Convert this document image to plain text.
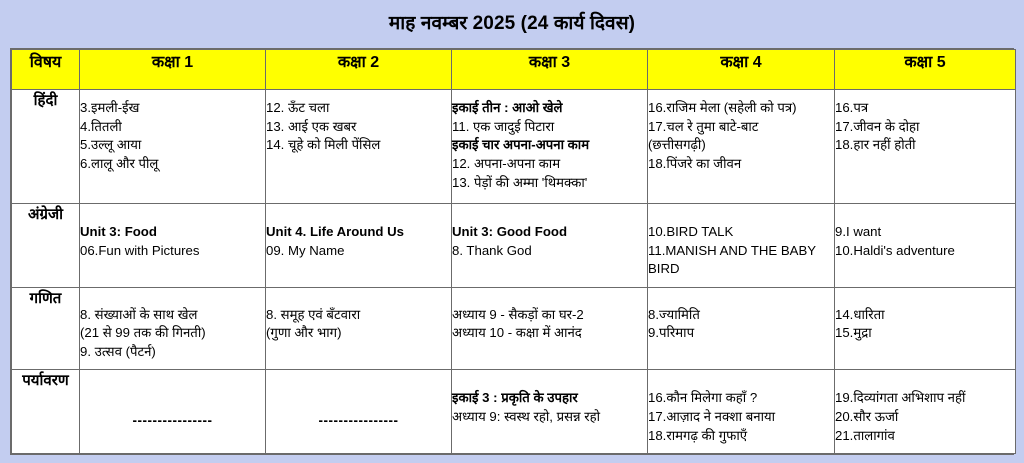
माह नवम्बर 2025 (24 कार्य दिवस)
विषय	कक्षा 1	कक्षा 2	कक्षा 3	कक्षा 4	कक्षा 5
हिंदी	3.इमली-ईख
4.तितली
5.उल्लू आया
6.लालू और पीलू	12. ऊँट चला
13. आई एक खबर
14. चूहे को मिली पेंसिल	इकाई तीन : आओ खेले
11. एक जादुई पिटारा
इकाई चार अपना-अपना काम
12. अपना-अपना काम
13. पेड़ों की अम्मा 'थिमक्का'	16.राजिम मेला (सहेली को पत्र)
17.चल रे तुमा बाटे-बाट
(छत्तीसगढ़ी)
18.पिंजरे का जीवन	16.पत्र
17.जीवन के दोहा
18.हार नहीं होती

अंग्रेजी	Unit 3: Food
06.Fun with Pictures	Unit 4. Life Around Us
09. My Name	Unit 3: Good Food
8. Thank God	10.BIRD TALK
11.MANISH AND THE BABY BIRD	9.I want
10.Haldi's adventure

गणित	8. संख्याओं के साथ खेल
(21 से 99 तक की गिनती)
9. उत्सव (पैटर्न)	8. समूह एवं बँटवारा
(गुणा और भाग)	अध्याय 9 - सैकड़ों का घर-2
अध्याय 10 - कक्षा में आनंद	8.ज्यामिति
9.परिमाप	14.धारिता
15.मुद्रा

पर्यावरण	----------------	----------------	इकाई 3 : प्रकृति के उपहार
अध्याय 9: स्वस्थ रहो, प्रसन्न रहो	16.कौन मिलेगा कहाँ ?
17.आज़ाद ने नक्शा बनाया
18.रामगढ़ की गुफाएँ	19.दिव्यांगता अभिशाप नहीं
20.सौर ऊर्जा
21.तालागांव
